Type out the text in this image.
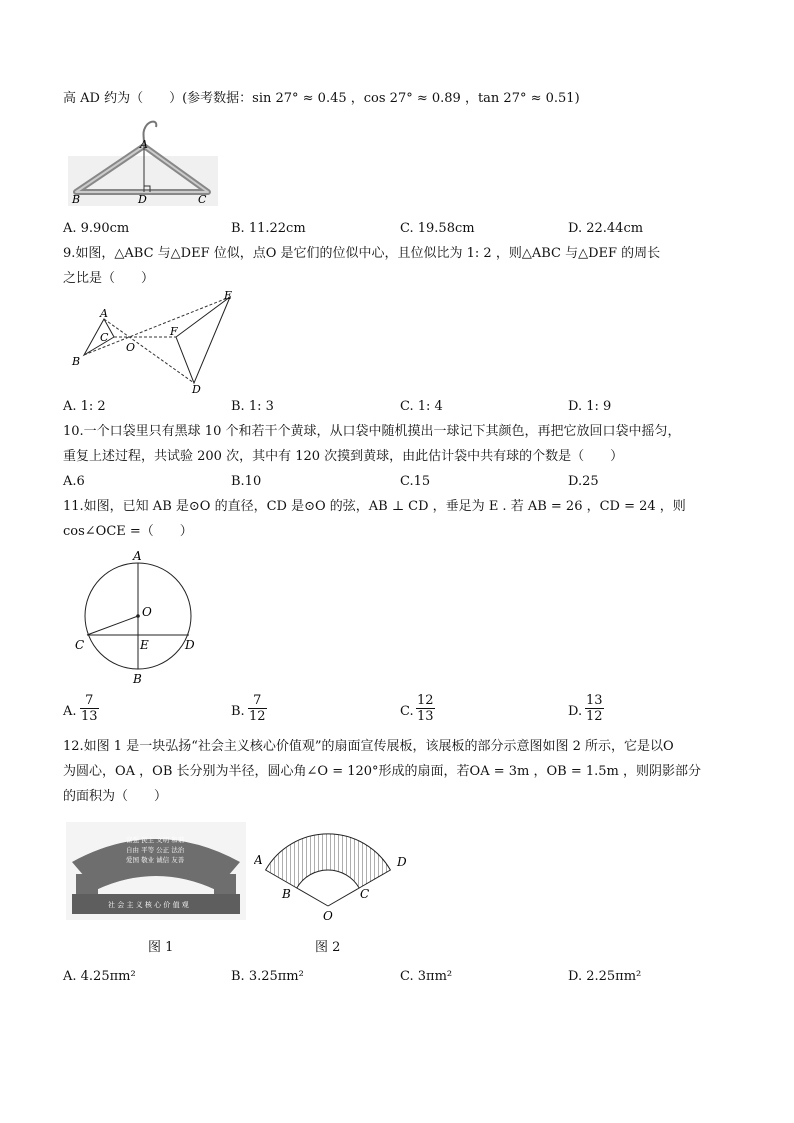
高 AD 约为（　　）(参考数据：sin 27° ≈ 0.45 ，cos 27° ≈ 0.89 ，tan 27° ≈ 0.51)
A
B	D	C
A. 9.90cm	B. 11.22cm	C. 19.58cm	D. 22.44cm
9.如图，△ABC 与△DEF 位似，点O 是它们的位似中心，且位似比为 1: 2 ，则△ABC 与△DEF 的周长
之比是（　　）
A
C
B
O
F
E
D
A. 1: 2	B. 1: 3	C. 1: 4	D. 1: 9
10.一个口袋里只有黑球 10 个和若干个黄球，从口袋中随机摸出一球记下其颜色，再把它放回口袋中摇匀，
重复上述过程，共试验 200 次，其中有 120 次摸到黄球，由此估计袋中共有球的个数是（　　）
A.6	B.10	C.15	D.25
11.如图，已知 AB 是⊙O 的直径，CD 是⊙O 的弦，AB ⊥ CD ，垂足为 E . 若 AB = 26 ，CD = 24 ，则
cos∠OCE =（　　）
A
O
C	E	D
B
A. $\frac{7}{13}$	B. $\frac{7}{12}$	C. $\frac{12}{13}$	D. $\frac{13}{12}$
12.如图 1 是一块弘扬“社会主义核心价值观”的扇面宣传展板，该展板的部分示意图如图 2 所示，它是以O
为圆心，OA ，OB 长分别为半径，圆心角∠O = 120°形成的扇面，若OA = 3m ，OB = 1.5m ，则阴影部分
的面积为（　　）
富强 民主 文明 和谐
自由 平等 公正 法治
爱国 敬业 诚信 友善
社 会 主 义 核 心 价 值 观
A	D
B	C
O
图 1	图 2
A. 4.25πm²	B. 3.25πm²	C. 3πm²	D. 2.25πm²
